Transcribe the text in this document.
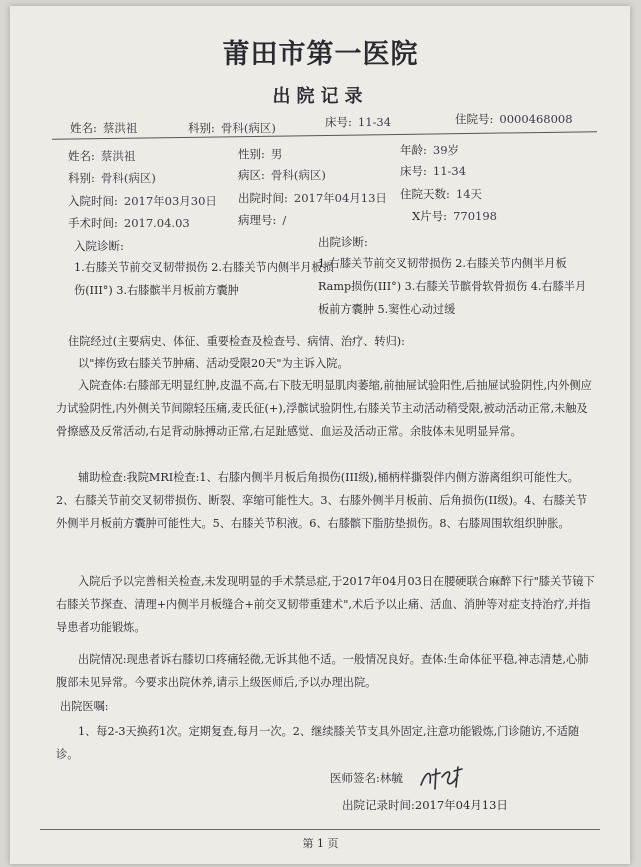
莆田市第一医院
出院记录
姓名: 蔡洪祖	科别: 骨科(病区)	床号: 11-34	住院号: 0000468008
姓名: 蔡洪祖	性别: 男	年龄: 39岁
科别: 骨科(病区)	病区: 骨科(病区)	床号: 11-34
入院时间: 2017年03月30日 出院时间: 2017年04月13日 住院天数: 14天
手术时间: 2017.04.03	病理号: /	X片号: 770198
入院诊断:
1.右膝关节前交叉韧带损伤 2.右膝关节内侧半月板损伤(III°) 3.右膝髌半月板前方囊肿
出院诊断:
1.右膝关节前交叉韧带损伤 2.右膝关节内侧半月板Ramp损伤(III°) 3.右膝关节髌骨软骨损伤 4.右膝半月板前方囊肿 5.窦性心动过缓
住院经过(主要病史、体征、重要检查及检查号、病情、治疗、转归):
以"摔伤致右膝关节肿痛、活动受限20天"为主诉入院。
入院查体:右膝部无明显红肿,皮温不高,右下肢无明显肌肉萎缩,前抽屉试验阳性,后抽屉试验阴性,内外侧应力试验阴性,内外侧关节间隙轻压痛,麦氏征(+),浮髌试验阴性,右膝关节主动活动稍受限,被动活动正常,未触及骨擦感及反常活动,右足背动脉搏动正常,右足趾感觉、血运及活动正常。余肢体未见明显异常。
辅助检查:我院MRI检查:1、右膝内侧半月板后角损伤(III级),桶柄样撕裂伴内侧方游离组织可能性大。2、右膝关节前交叉韧带损伤、断裂、挛缩可能性大。3、右膝外侧半月板前、后角损伤(II级)。4、右膝关节外侧半月板前方囊肿可能性大。5、右膝关节积液。6、右膝髌下脂肪垫损伤。8、右膝周围软组织肿胀。
入院后予以完善相关检查,未发现明显的手术禁忌症,于2017年04月03日在腰硬联合麻醉下行"膝关节镜下右膝关节探查、清理+内侧半月板缝合+前交叉韧带重建术",术后予以止痛、活血、消肿等对症支持治疗,并指导患者功能锻炼。
出院情况:现患者诉右膝切口疼痛轻微,无诉其他不适。一般情况良好。查体:生命体征平稳,神志清楚,心肺腹部未见异常。今要求出院休养,请示上级医师后,予以办理出院。
出院医嘱:
1、每2-3天换药1次。定期复查,每月一次。2、继续膝关节支具外固定,注意功能锻炼,门诊随访,不适随诊。
医师签名:林毓
出院记录时间:2017年04月13日
第 1 页
